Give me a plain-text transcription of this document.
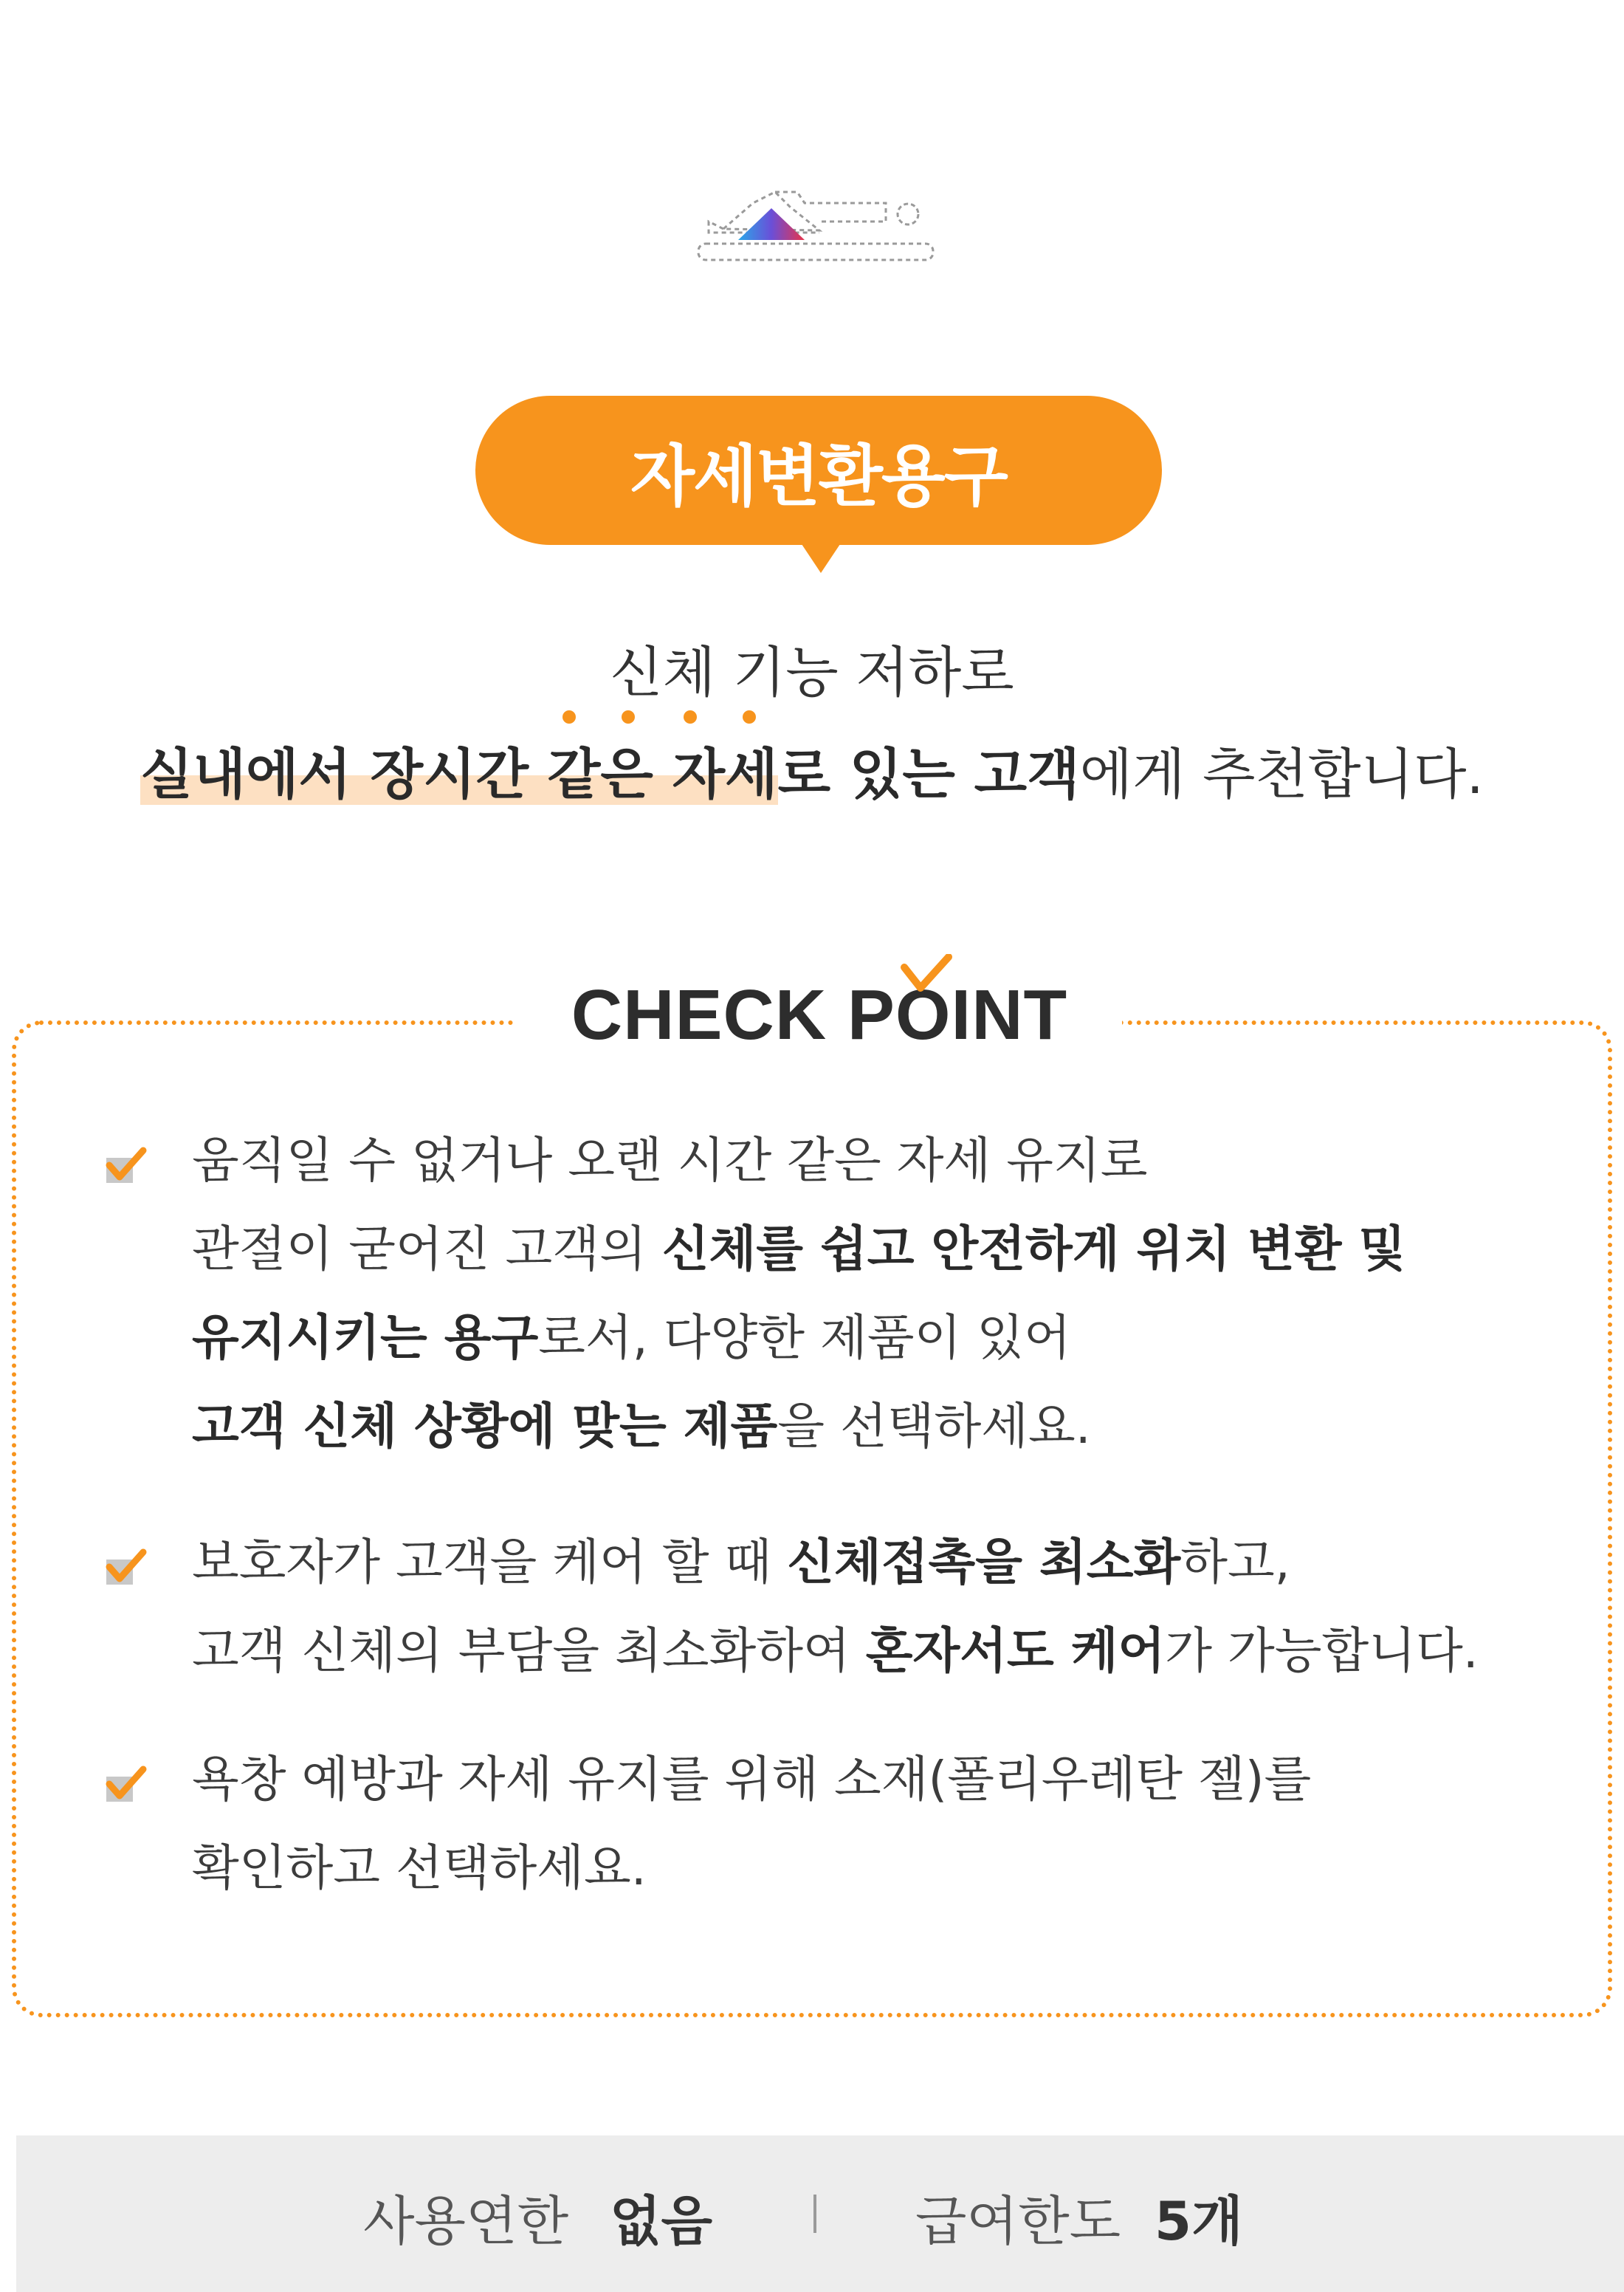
자세변환용구
신체 기능 저하로
실내에서 장시간 같은 자세로 있는 고객에게 추천합니다.
CHECK PO
INT
움직일 수 없거나 오랜 시간 같은 자세 유지로
관절이 굳어진 고객의 신체를 쉽고 안전하게 위치 변환 및
유지시키는 용구로서, 다양한 제품이 있어
고객 신체 상황에 맞는 제품을 선택하세요.
보호자가 고객을 케어 할 때 신체접촉을 최소화하고,
고객 신체의 부담을 최소화하여 혼자서도 케어가 가능합니다.
욕창 예방과 자세 유지를 위해 소재(폴리우레탄 젤)를
확인하고 선택하세요.
사용연한 없음	급여한도 5개
